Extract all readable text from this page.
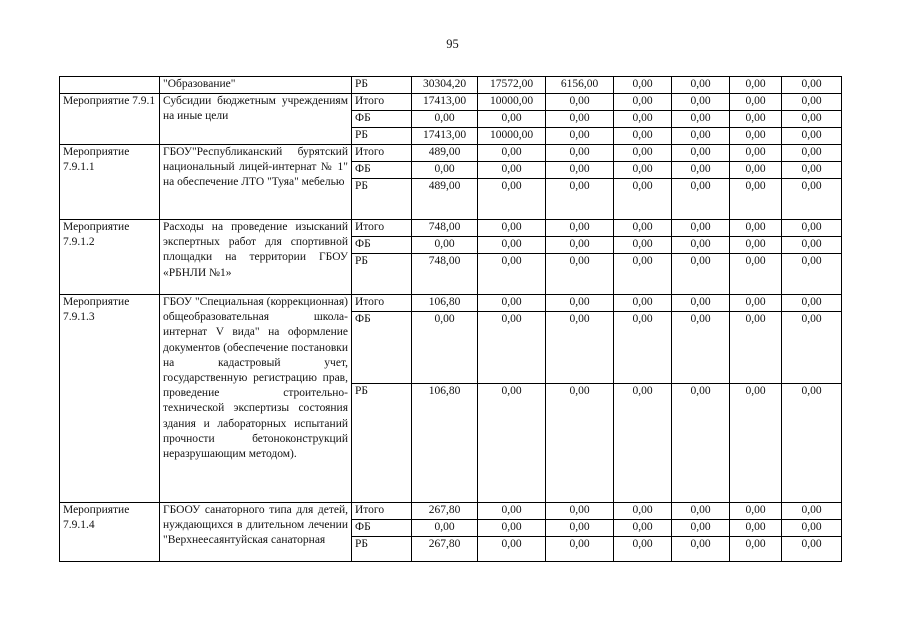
95
	"Образование"	РБ	30304,20	17572,00	6156,00	0,00	0,00	0,00	0,00
Мероприятие 7.9.1	Субсидии бюджетным учреждениям на иные цели	Итого	17413,00	10000,00	0,00	0,00	0,00	0,00	0,00
		ФБ	0,00	0,00	0,00	0,00	0,00	0,00	0,00
		РБ	17413,00	10000,00	0,00	0,00	0,00	0,00	0,00
Мероприятие 7.9.1.1	ГБОУ"Республиканский бурятский национальный лицей-интернат № 1" на обеспечение ЛТО "Туяа" мебелью	Итого	489,00	0,00	0,00	0,00	0,00	0,00	0,00
		ФБ	0,00	0,00	0,00	0,00	0,00	0,00	0,00
		РБ	489,00	0,00	0,00	0,00	0,00	0,00	0,00
Мероприятие 7.9.1.2	Расходы на проведение изысканий экспертных работ для спортивной площадки на территории ГБОУ «РБНЛИ №1»	Итого	748,00	0,00	0,00	0,00	0,00	0,00	0,00
		ФБ	0,00	0,00	0,00	0,00	0,00	0,00	0,00
		РБ	748,00	0,00	0,00	0,00	0,00	0,00	0,00
Мероприятие 7.9.1.3	ГБОУ "Специальная (коррекционная) общеобразовательная школа-интернат V вида" на оформление документов (обеспечение постановки на кадастровый учет, государственную регистрацию прав, проведение строительно-технической экспертизы состояния здания и лабораторных испытаний прочности бетоноконструкций неразрушающим методом).	Итого	106,80	0,00	0,00	0,00	0,00	0,00	0,00
		ФБ	0,00	0,00	0,00	0,00	0,00	0,00	0,00
		РБ	106,80	0,00	0,00	0,00	0,00	0,00	0,00
Мероприятие 7.9.1.4	ГБООУ санаторного типа для детей, нуждающихся в длительном лечении "Верхнеесаянтуйская санаторная	Итого	267,80	0,00	0,00	0,00	0,00	0,00	0,00
		ФБ	0,00	0,00	0,00	0,00	0,00	0,00	0,00
		РБ	267,80	0,00	0,00	0,00	0,00	0,00	0,00
